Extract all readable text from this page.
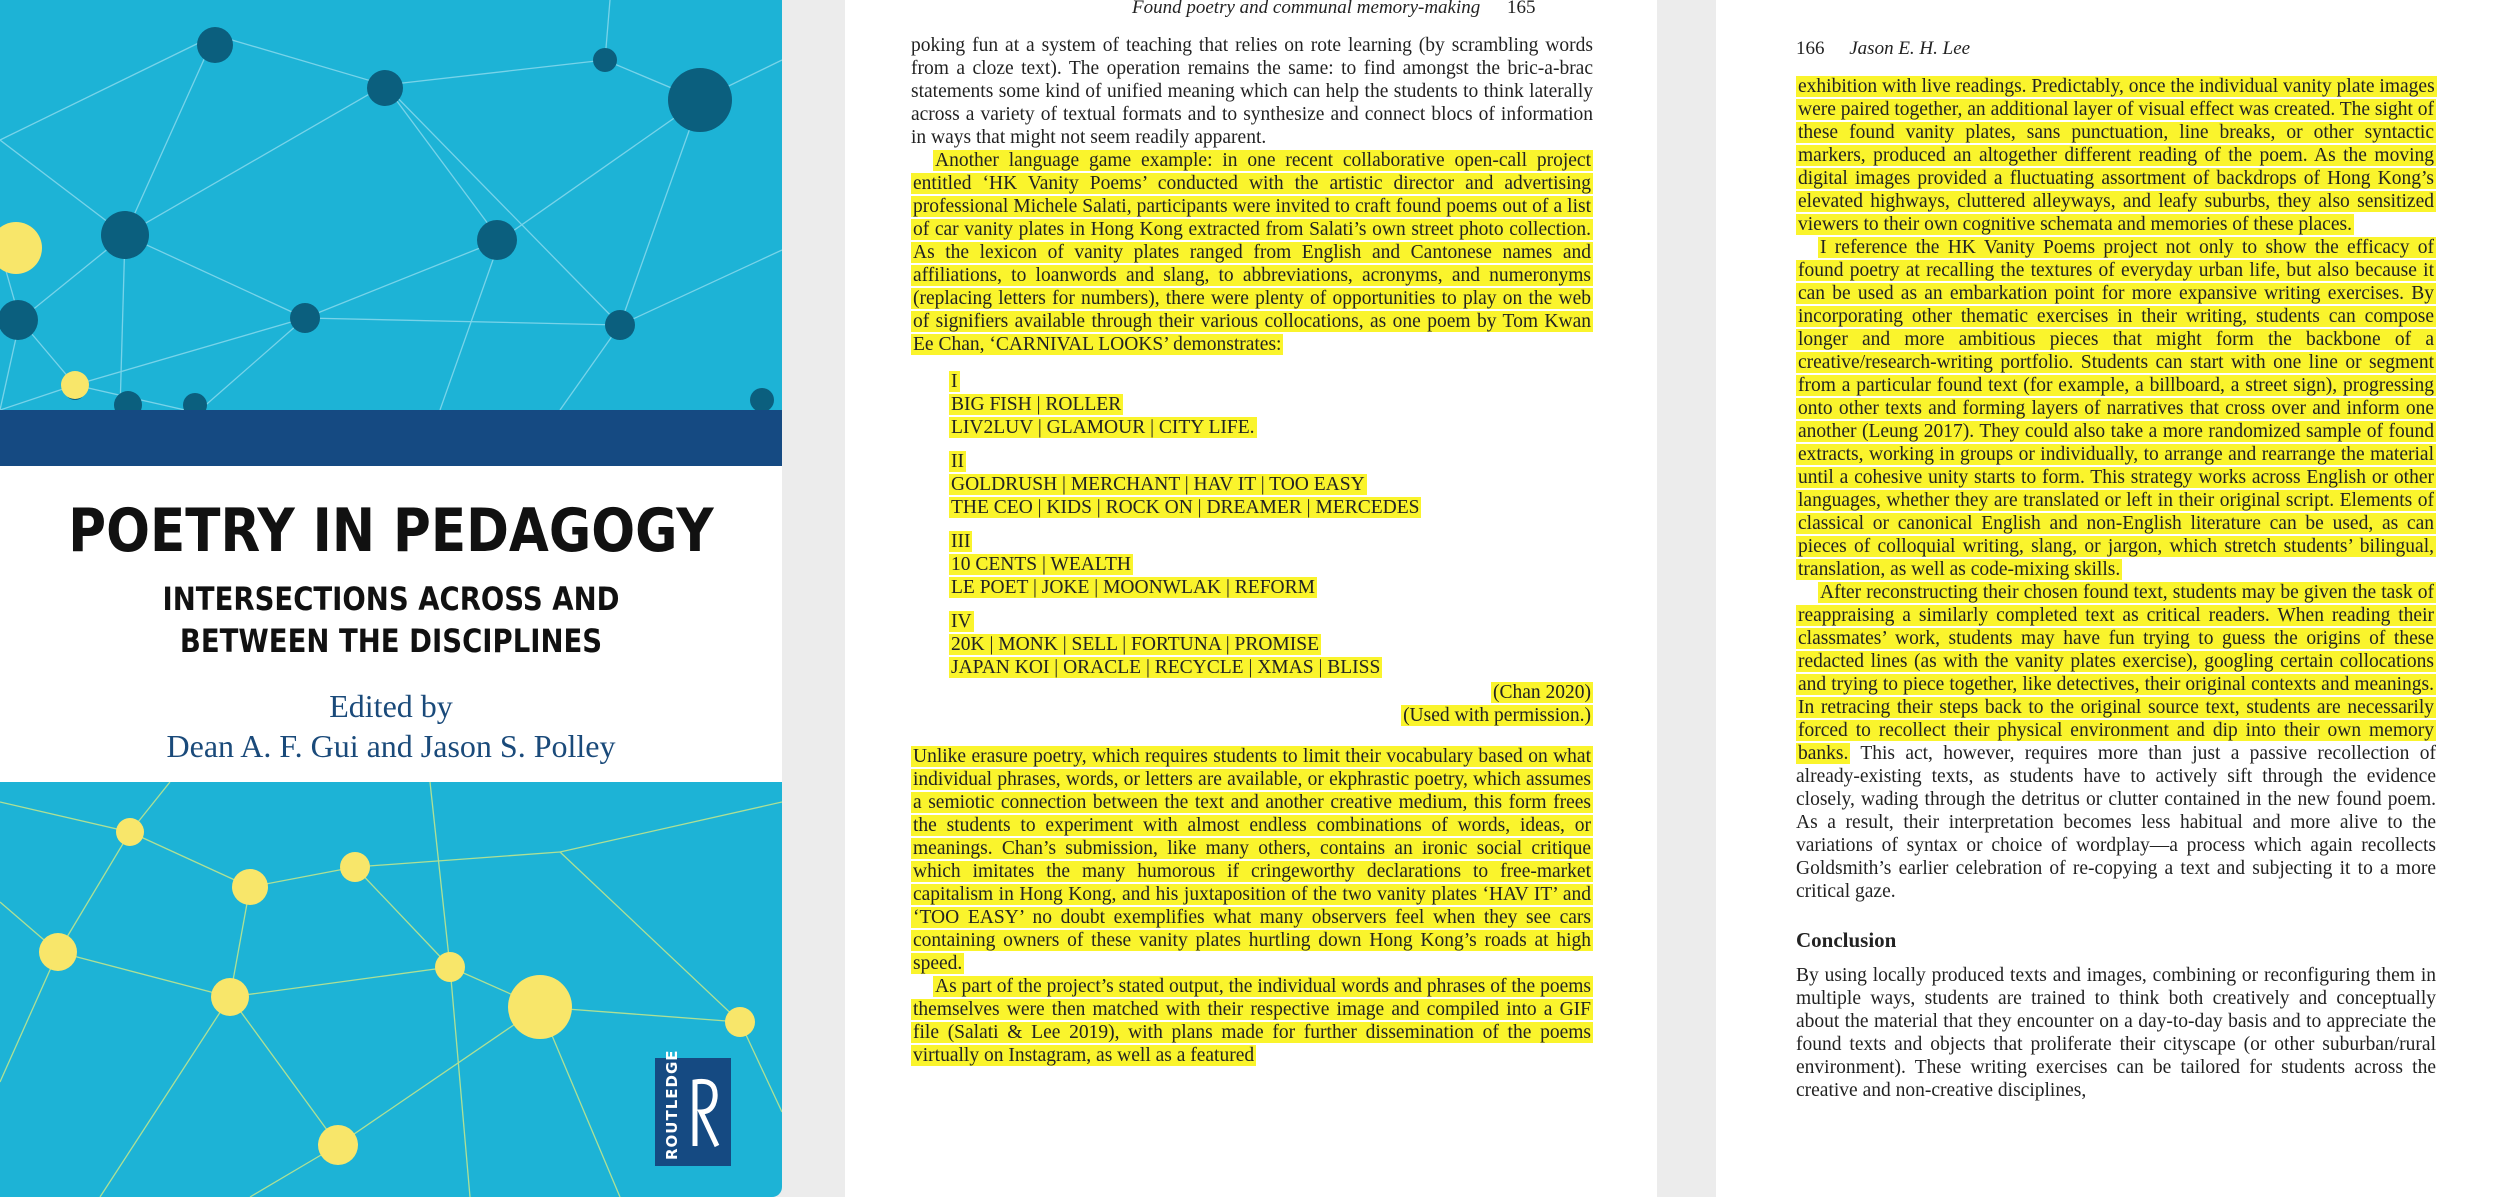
POETRY IN PEDAGOGY
INTERSECTIONS ACROSS AND BETWEEN THE DISCIPLINES
Edited by
Dean A. F. Gui and Jason S. Polley
ROUTLEDGE
Found poetry and communal memory-making 165

poking fun at a system of teaching that relies on rote learning (by scrambling words from a cloze text). The operation remains the same: to find amongst the bric-a-brac statements some kind of unified meaning which can help the students to think laterally across a variety of textual formats and to synthesize and connect blocs of information in ways that might not seem readily apparent.

Another language game example: in one recent collaborative open-call project entitled ‘HK Vanity Poems’ conducted with the artistic director and advertising professional Michele Salati, participants were invited to craft found poems out of a list of car vanity plates in Hong Kong extracted from Salati’s own street photo collection. As the lexicon of vanity plates ranged from English and Cantonese names and affiliations, to loanwords and slang, to abbreviations, acronyms, and numeronyms (replacing letters for numbers), there were plenty of opportunities to play on the web of signifiers available through their various collocations, as one poem by Tom Kwan Ee Chan, ‘CARNIVAL LOOKS’ demonstrates:

I
BIG FISH | ROLLER
LIV2LUV | GLAMOUR | CITY LIFE.
II
GOLDRUSH | MERCHANT | HAV IT | TOO EASY
THE CEO | KIDS | ROCK ON | DREAMER | MERCEDES
III
10 CENTS | WEALTH
LE POET | JOKE | MOONWLAK | REFORM
IV
20K | MONK | SELL | FORTUNA | PROMISE
JAPAN KOI | ORACLE | RECYCLE | XMAS | BLISS

(Chan 2020)

(Used with permission.)

Unlike erasure poetry, which requires students to limit their vocabulary based on what individual phrases, words, or letters are available, or ekphrastic poetry, which assumes a semiotic connection between the text and another creative medium, this form frees the students to experiment with almost endless combinations of words, ideas, or meanings. Chan’s submission, like many others, contains an ironic social critique which imitates the many humorous if cringeworthy declarations to free-market capitalism in Hong Kong, and his juxtaposition of the two vanity plates ‘HAV IT’ and ‘TOO EASY’ no doubt exemplifies what many observers feel when they see cars containing owners of these vanity plates hurtling down Hong Kong’s roads at high speed.

As part of the project’s stated output, the individual words and phrases of the poems themselves were then matched with their respective image and compiled into a GIF file (Salati & Lee 2019), with plans made for further dissemination of the poems virtually on Instagram, as well as a featured

166 Jason E. H. Lee

exhibition with live readings. Predictably, once the individual vanity plate images were paired together, an additional layer of visual effect was created. The sight of these found vanity plates, sans punctuation, line breaks, or other syntactic markers, produced an altogether different reading of the poem. As the moving digital images provided a fluctuating assortment of backdrops of Hong Kong’s elevated highways, cluttered alleyways, and leafy suburbs, they also sensitized viewers to their own cognitive schemata and memories of these places.

I reference the HK Vanity Poems project not only to show the efficacy of found poetry at recalling the textures of everyday urban life, but also because it can be used as an embarkation point for more expansive writing exercises. By incorporating other thematic exercises in their writing, students can compose longer and more ambitious pieces that might form the backbone of a creative/research-writing portfolio. Students can start with one line or segment from a particular found text (for example, a billboard, a street sign), progressing onto other texts and forming layers of narratives that cross over and inform one another (Leung 2017). They could also take a more randomized sample of found extracts, working in groups or individually, to arrange and rearrange the material until a cohesive unity starts to form. This strategy works across English or other languages, whether they are translated or left in their original script. Elements of classical or canonical English and non-English literature can be used, as can pieces of colloquial writing, slang, or jargon, which stretch students’ bilingual, translation, as well as code-mixing skills.

After reconstructing their chosen found text, students may be given the task of reappraising a similarly completed text as critical readers. When reading their classmates’ work, students may have fun trying to guess the origins of these redacted lines (as with the vanity plates exercise), googling certain collocations and trying to piece together, like detectives, their original contexts and meanings. In retracing their steps back to the original source text, students are necessarily forced to recollect their physical environment and dip into their own memory banks. This act, however, requires more than just a passive recollection of already-existing texts, as students have to actively sift through the evidence closely, wading through the detritus or clutter contained in the new found poem. As a result, their interpretation becomes less habitual and more alive to the variations of syntax or choice of wordplay—a process which again recollects Goldsmith’s earlier celebration of re-copying a text and subjecting it to a more critical gaze.

Conclusion

By using locally produced texts and images, combining or reconfiguring them in multiple ways, students are trained to think both creatively and conceptually about the material that they encounter on a day-to-day basis and to appreciate the found texts and objects that proliferate their cityscape (or other suburban/rural environment). These writing exercises can be tailored for students across the creative and non-creative disciplines,
